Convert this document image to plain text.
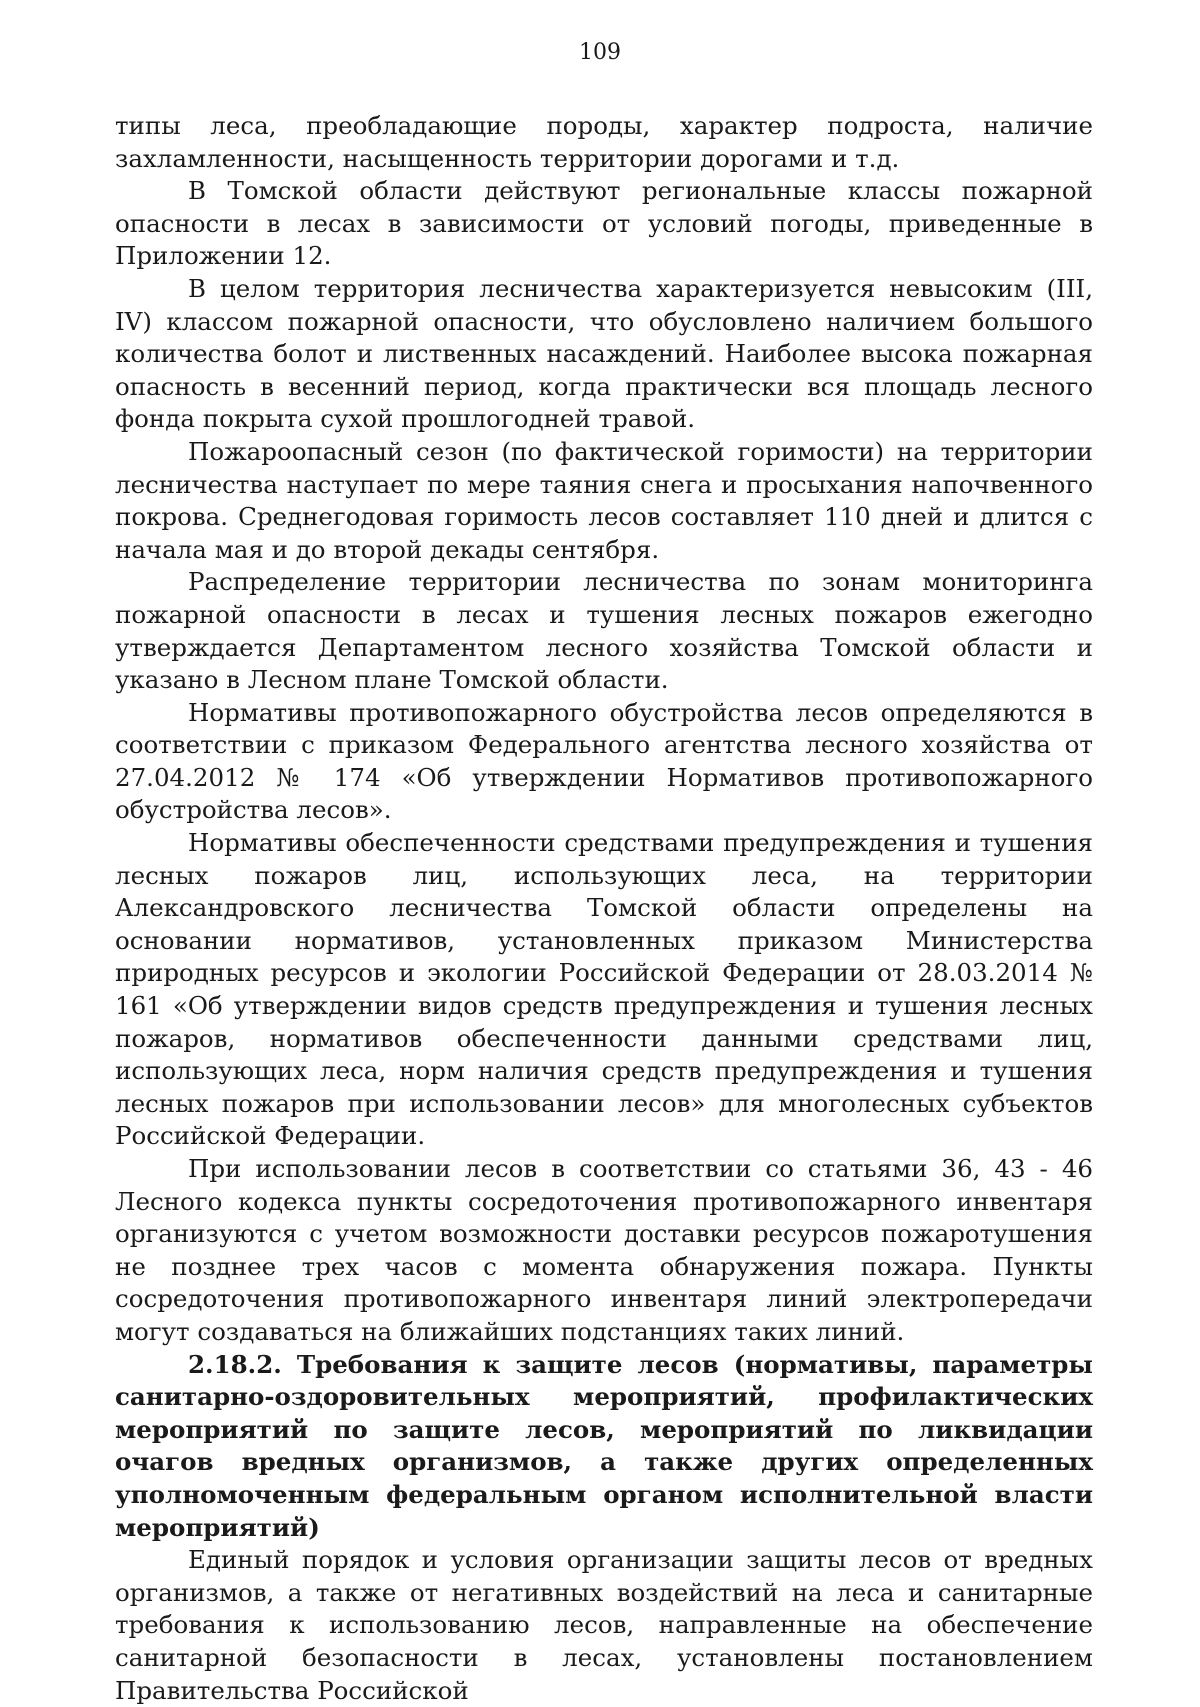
109

типы леса, преобладающие породы, характер подроста, наличие захламленности, насыщенность территории дорогами и т.д.

В Томской области действуют региональные классы пожарной опасности в лесах в зависимости от условий погоды, приведенные в Приложении 12.

В целом территория лесничества характеризуется невысоким (III, IV) классом пожарной опасности, что обусловлено наличием большого количества болот и лиственных насаждений. Наиболее высока пожарная опасность в весенний период, когда практически вся площадь лесного фонда покрыта сухой прошлогодней травой.

Пожароопасный сезон (по фактической горимости) на территории лесничества наступает по мере таяния снега и просыхания напочвенного покрова. Среднегодовая горимость лесов составляет 110 дней и длится с начала мая и до второй декады сентября.

Распределение территории лесничества по зонам мониторинга пожарной опасности в лесах и тушения лесных пожаров ежегодно утверждается Департаментом лесного хозяйства Томской области и указано в Лесном плане Томской области.

Нормативы противопожарного обустройства лесов определяются в соответствии с приказом Федерального агентства лесного хозяйства от 27.04.2012 № 174 «Об утверждении Нормативов противопожарного обустройства лесов».

Нормативы обеспеченности средствами предупреждения и тушения лесных пожаров лиц, использующих леса, на территории Александровского лесничества Томской области определены на основании нормативов, установленных приказом Министерства природных ресурсов и экологии Российской Федерации от 28.03.2014 № 161 «Об утверждении видов средств предупреждения и тушения лесных пожаров, нормативов обеспеченности данными средствами лиц, использующих леса, норм наличия средств предупреждения и тушения лесных пожаров при использовании лесов» для многолесных субъектов Российской Федерации.

При использовании лесов в соответствии со статьями 36, 43 - 46 Лесного кодекса пункты сосредоточения противопожарного инвентаря организуются с учетом возможности доставки ресурсов пожаротушения не позднее трех часов с момента обнаружения пожара. Пункты сосредоточения противопожарного инвентаря линий электропередачи могут создаваться на ближайших подстанциях таких линий.

2.18.2. Требования к защите лесов (нормативы, параметры санитарно-оздоровительных мероприятий, профилактических мероприятий по защите лесов, мероприятий по ликвидации очагов вредных организмов, а также других определенных уполномоченным федеральным органом исполнительной власти мероприятий)

Единый порядок и условия организации защиты лесов от вредных организмов, а также от негативных воздействий на леса и санитарные требования к использованию лесов, направленные на обеспечение санитарной безопасности в лесах, установлены постановлением Правительства Российской
